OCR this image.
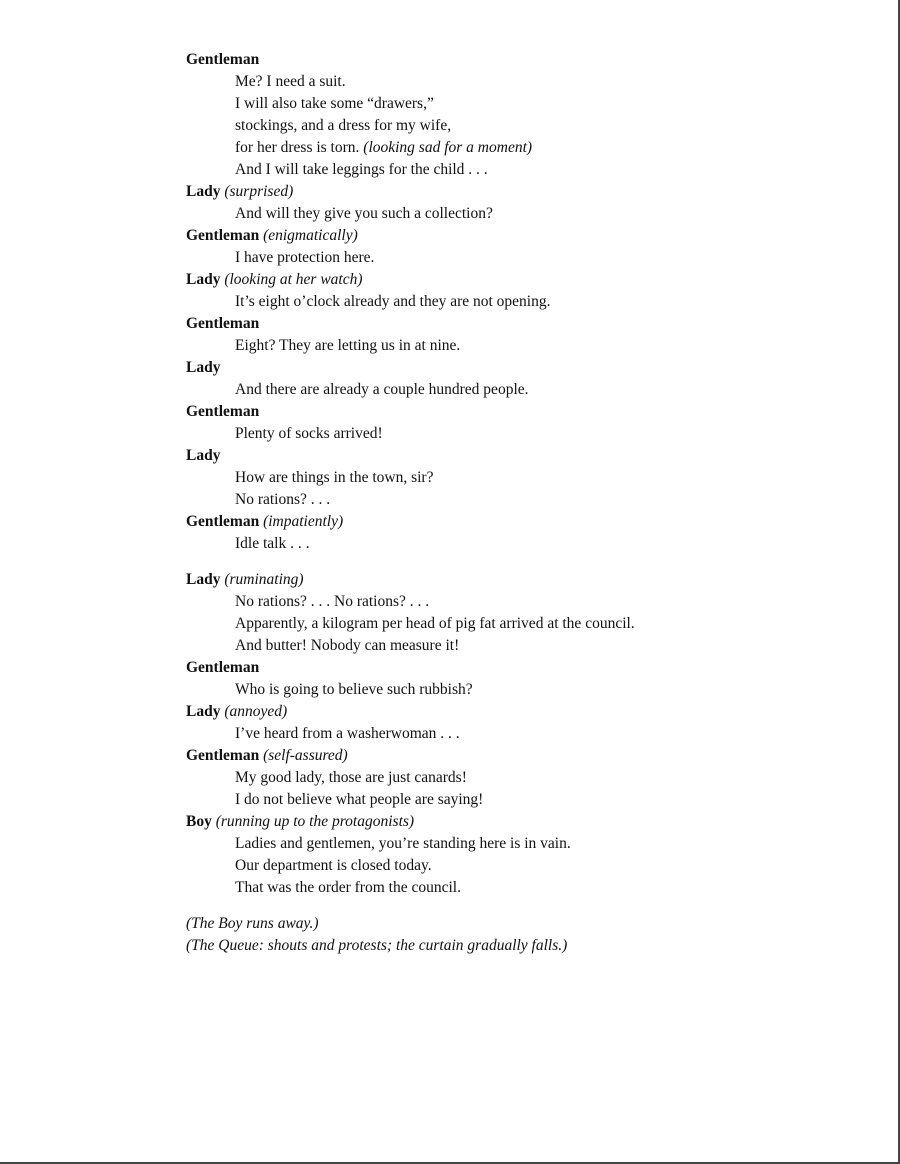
Gentleman
Me? I need a suit.
I will also take some “drawers,”
stockings, and a dress for my wife,
for her dress is torn. (looking sad for a moment)
And I will take leggings for the child . . .
Lady (surprised)
And will they give you such a collection?
Gentleman (enigmatically)
I have protection here.
Lady (looking at her watch)
It’s eight o’clock already and they are not opening.
Gentleman
Eight? They are letting us in at nine.
Lady
And there are already a couple hundred people.
Gentleman
Plenty of socks arrived!
Lady
How are things in the town, sir?
No rations? . . .
Gentleman (impatiently)
Idle talk . . .
Lady (ruminating)
No rations? . . . No rations? . . .
Apparently, a kilogram per head of pig fat arrived at the council.
And butter! Nobody can measure it!
Gentleman
Who is going to believe such rubbish?
Lady (annoyed)
I’ve heard from a washerwoman . . .
Gentleman (self-assured)
My good lady, those are just canards!
I do not believe what people are saying!
Boy (running up to the protagonists)
Ladies and gentlemen, you’re standing here is in vain.
Our department is closed today.
That was the order from the council.
(The Boy runs away.)
(The Queue: shouts and protests; the curtain gradually falls.)
